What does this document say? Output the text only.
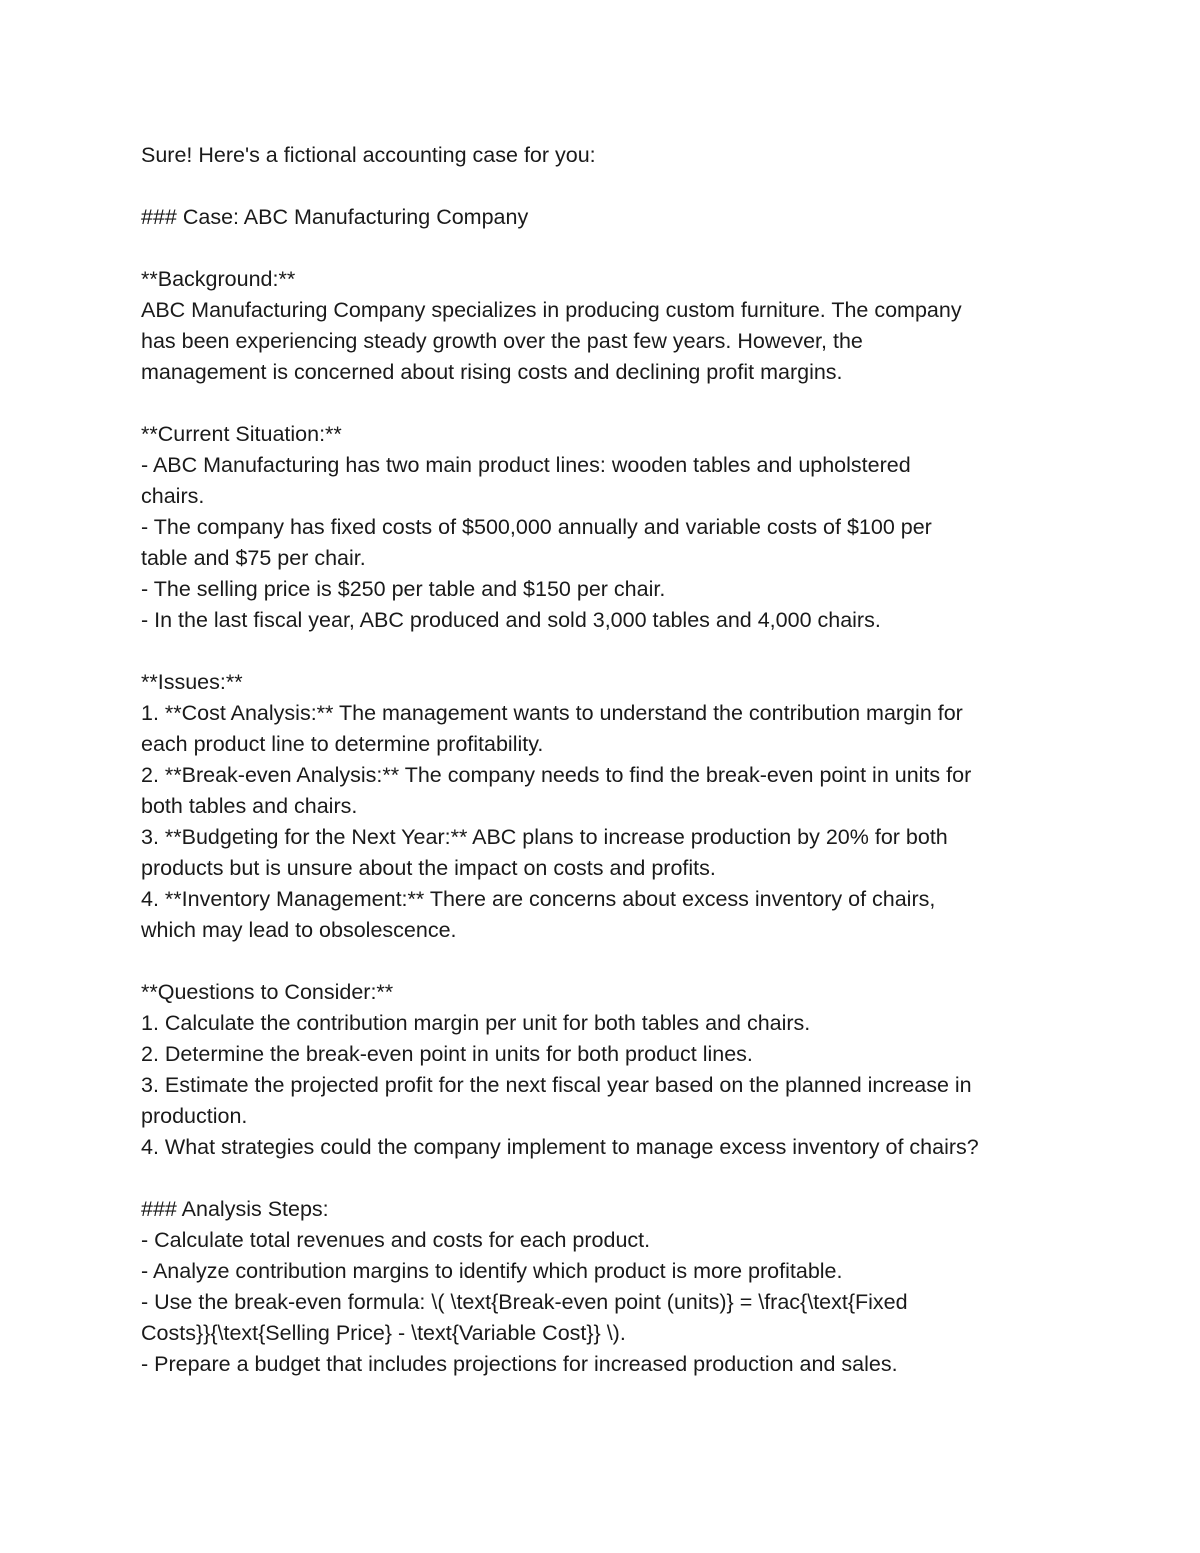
Sure! Here's a fictional accounting case for you:
### Case: ABC Manufacturing Company
**Background:**
ABC Manufacturing Company specializes in producing custom furniture. The company
has been experiencing steady growth over the past few years. However, the
management is concerned about rising costs and declining profit margins.
**Current Situation:**
- ABC Manufacturing has two main product lines: wooden tables and upholstered
chairs.
- The company has fixed costs of $500,000 annually and variable costs of $100 per
table and $75 per chair.
- The selling price is $250 per table and $150 per chair.
- In the last fiscal year, ABC produced and sold 3,000 tables and 4,000 chairs.
**Issues:**
1. **Cost Analysis:** The management wants to understand the contribution margin for
each product line to determine profitability.
2. **Break-even Analysis:** The company needs to find the break-even point in units for
both tables and chairs.
3. **Budgeting for the Next Year:** ABC plans to increase production by 20% for both
products but is unsure about the impact on costs and profits.
4. **Inventory Management:** There are concerns about excess inventory of chairs,
which may lead to obsolescence.
**Questions to Consider:**
1. Calculate the contribution margin per unit for both tables and chairs.
2. Determine the break-even point in units for both product lines.
3. Estimate the projected profit for the next fiscal year based on the planned increase in
production.
4. What strategies could the company implement to manage excess inventory of chairs?
### Analysis Steps:
- Calculate total revenues and costs for each product.
- Analyze contribution margins to identify which product is more profitable.
- Use the break-even formula: \( \text{Break-even point (units)} = \frac{\text{Fixed
Costs}}{\text{Selling Price} - \text{Variable Cost}} \).
- Prepare a budget that includes projections for increased production and sales.
